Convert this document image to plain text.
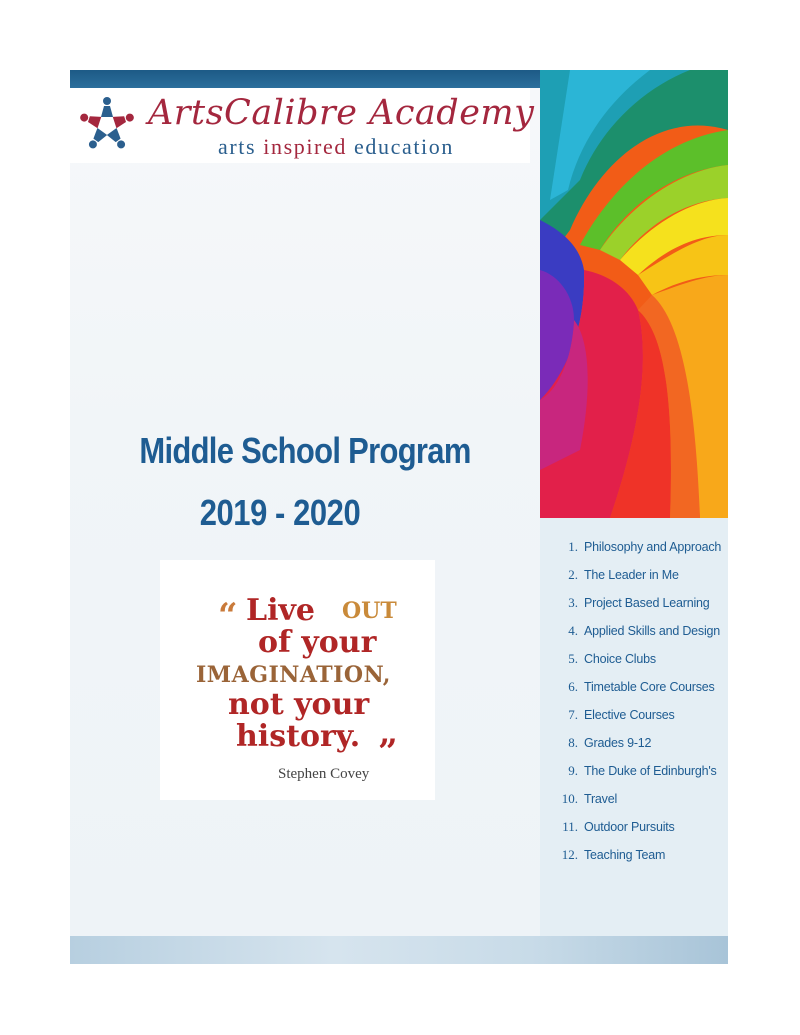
ArtsCalibre Academy
arts inspired education
Middle School Program
2019 - 2020
“ Live OUT
of your
IMAGINATION,
not your
history. ”
Stephen Covey
1. Philosophy and Approach
2. The Leader in Me
3. Project Based Learning
4. Applied Skills and Design
5. Choice Clubs
6. Timetable Core Courses
7. Elective Courses
8. Grades 9-12
9. The Duke of Edinburgh's
10. Travel
11. Outdoor Pursuits
12. Teaching Team
